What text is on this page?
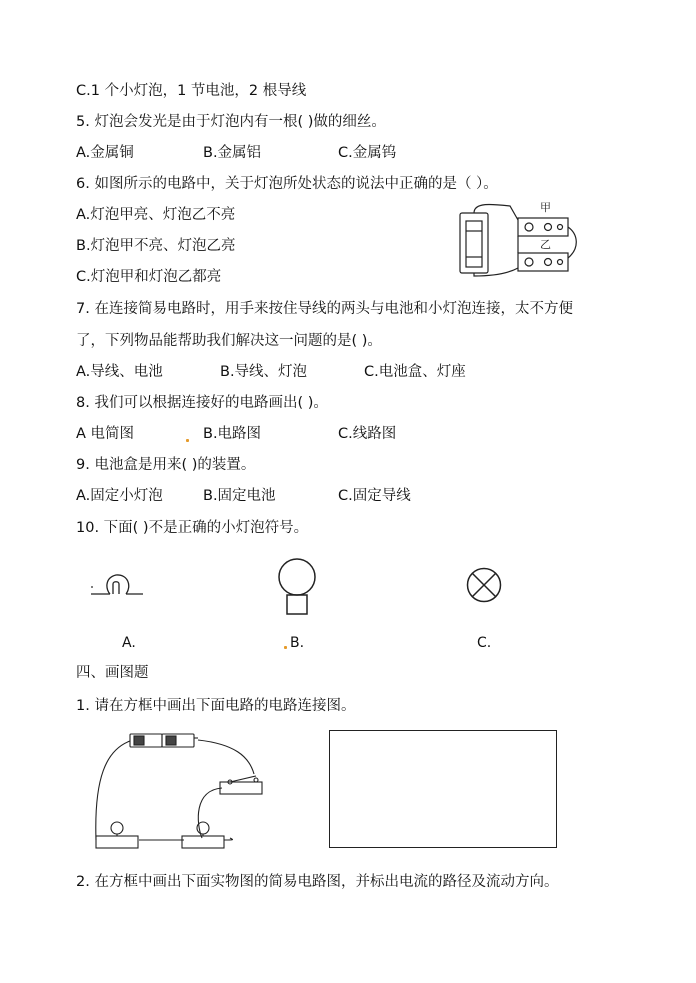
C.1 个小灯泡，1 节电池，2 根导线
5. 灯泡会发光是由于灯泡内有一根( )做的细丝。
A.金属铜	B.金属铝	C.金属钨
6. 如图所示的电路中，关于灯泡所处状态的说法中正确的是（ ）。
A.灯泡甲亮、灯泡乙不亮
B.灯泡甲不亮、灯泡乙亮
C.灯泡甲和灯泡乙都亮
甲
乙
7. 在连接简易电路时，用手来按住导线的两头与电池和小灯泡连接，太不方便
了，下列物品能帮助我们解决这一问题的是( )。
A.导线、电池	B.导线、灯泡	C.电池盒、灯座
8. 我们可以根据连接好的电路画出( )。
A 电简图	B.电路图	C.线路图
9. 电池盒是用来( )的装置。
A.固定小灯泡	B.固定电池	C.固定导线
10. 下面( )不是正确的小灯泡符号。
A.	B.	C.
四、画图题
1. 请在方框中画出下面电路的电路连接图。
2. 在方框中画出下面实物图的简易电路图，并标出电流的路径及流动方向。
